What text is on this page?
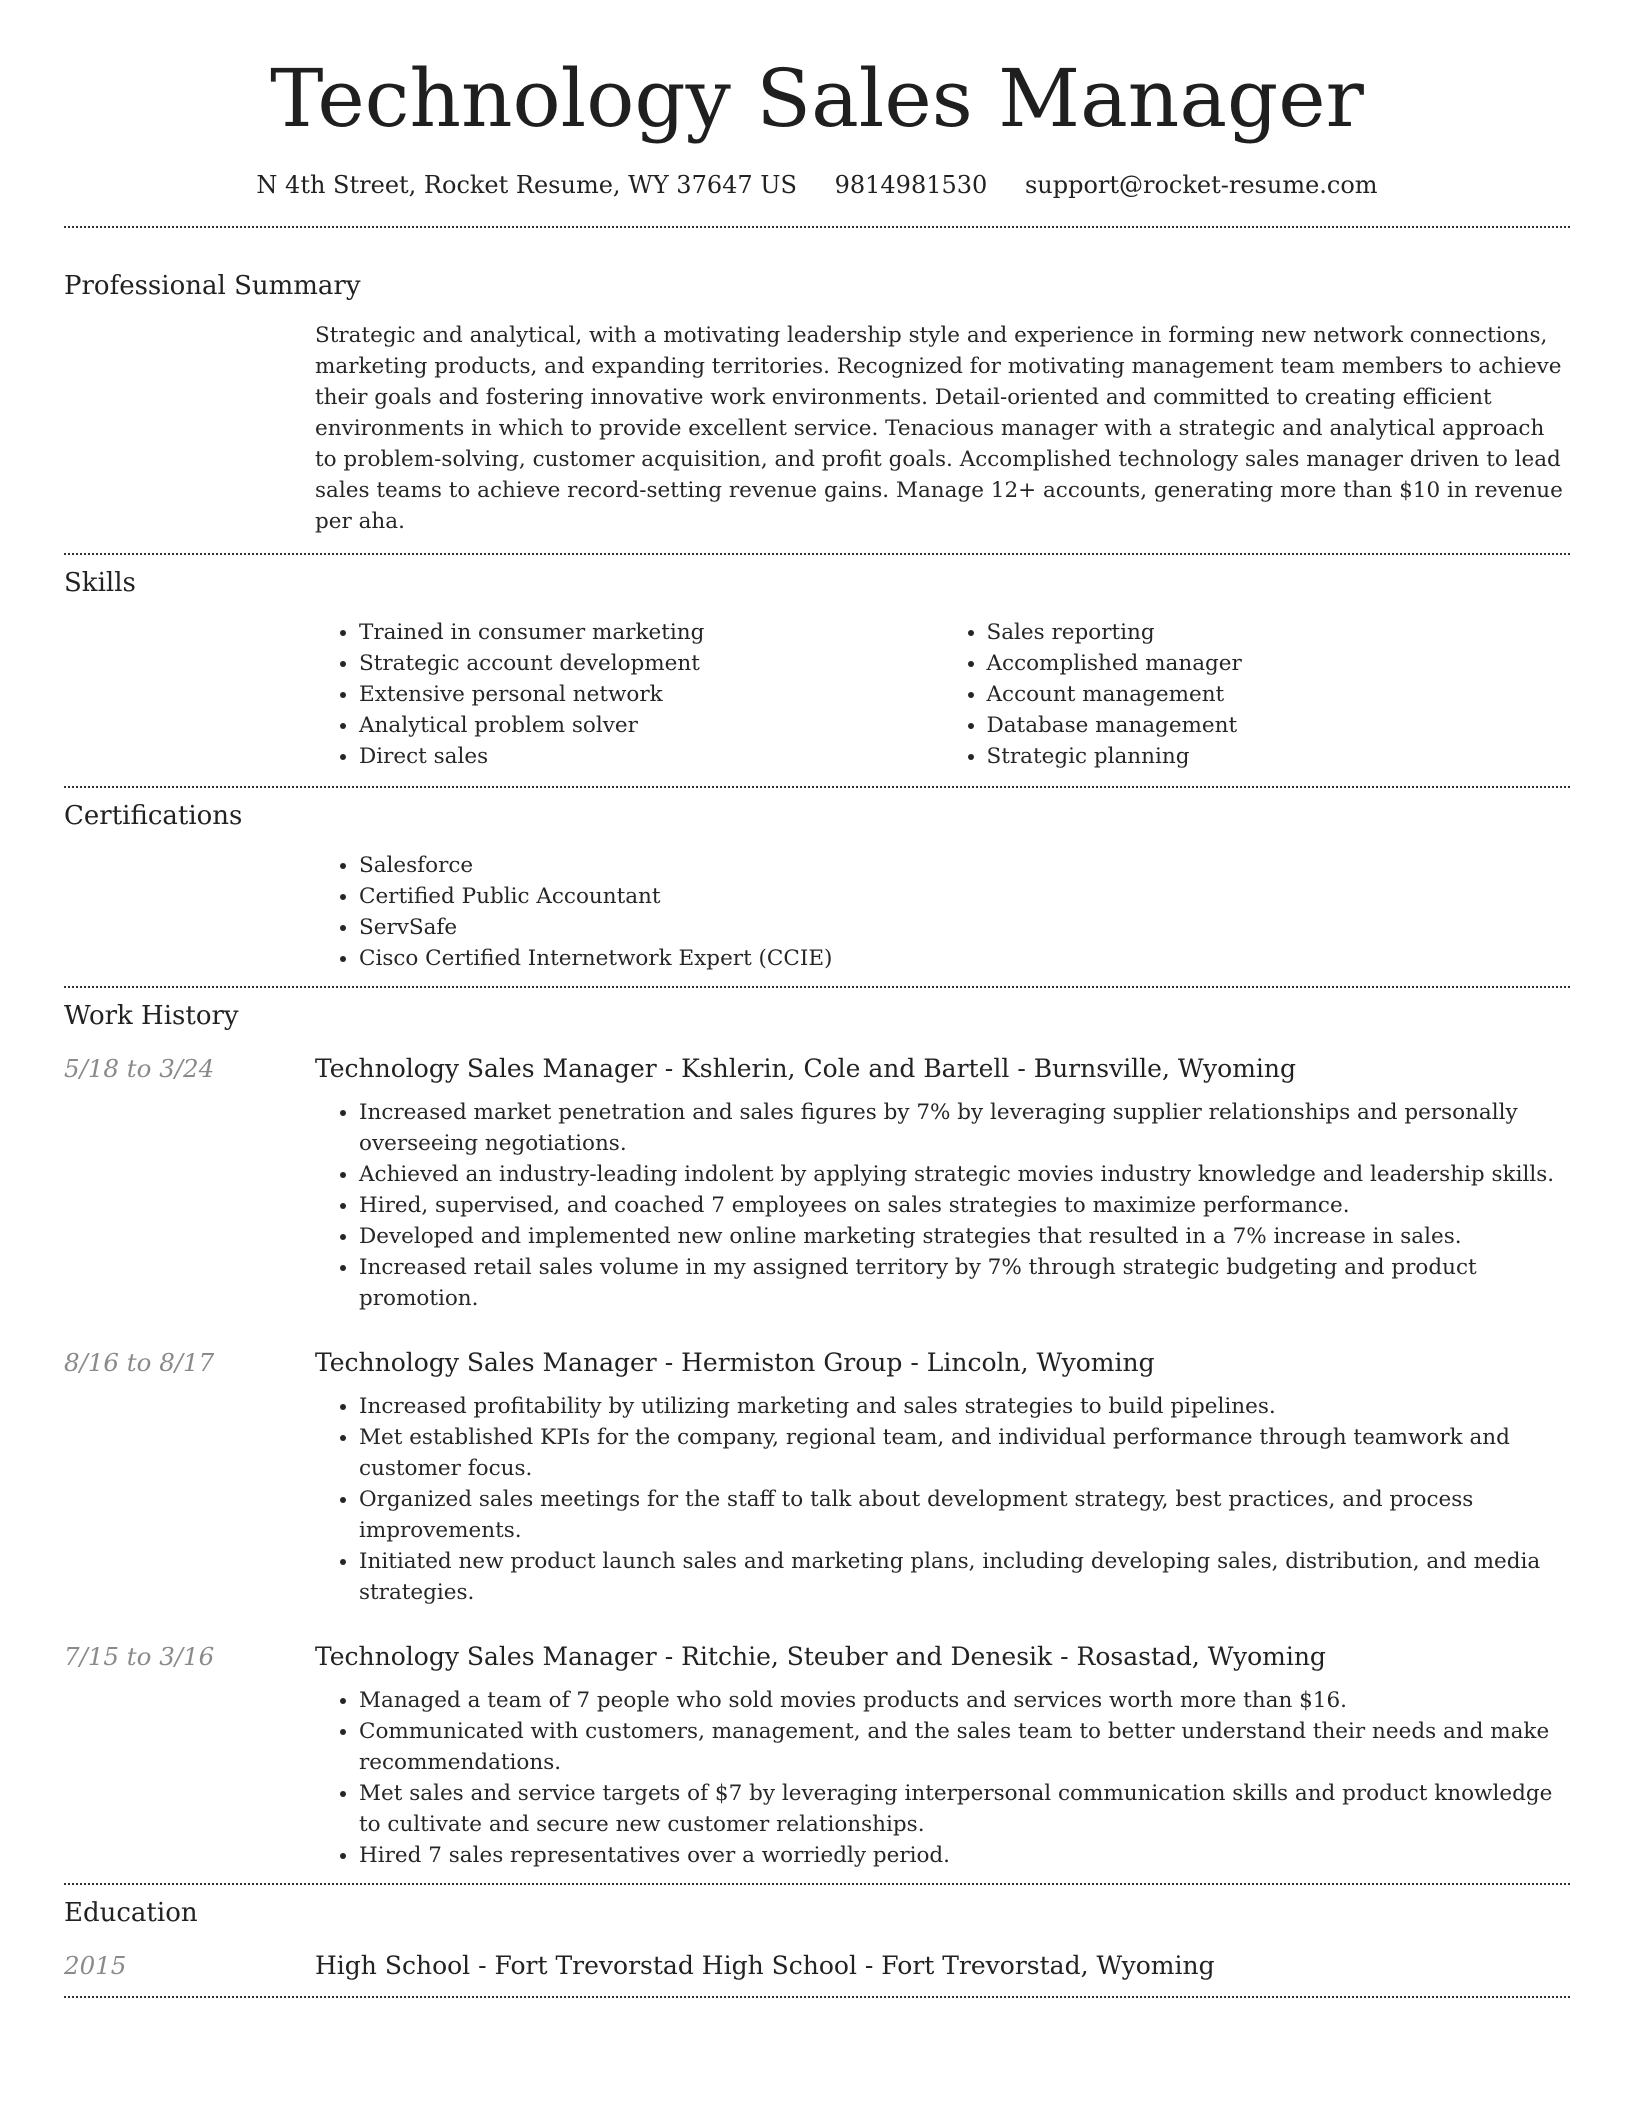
Technology Sales Manager
N 4th Street, Rocket Resume, WY 37647 US 9814981530 support@rocket-resume.com
Professional Summary
Strategic and analytical, with a motivating leadership style and experience in forming new network connections, marketing products, and expanding territories. Recognized for motivating management team members to achieve their goals and fostering innovative work environments. Detail-oriented and committed to creating efficient environments in which to provide excellent service. Tenacious manager with a strategic and analytical approach to problem-solving, customer acquisition, and profit goals. Accomplished technology sales manager driven to lead sales teams to achieve record-setting revenue gains. Manage 12+ accounts, generating more than $10 in revenue per aha.
Skills
• Trained in consumer marketing
• Strategic account development
• Extensive personal network
• Analytical problem solver
• Direct sales
• Sales reporting
• Accomplished manager
• Account management
• Database management
• Strategic planning
Certifications
• Salesforce
• Certified Public Accountant
• ServSafe
• Cisco Certified Internetwork Expert (CCIE)
Work History
5/18 to 3/24	Technology Sales Manager - Kshlerin, Cole and Bartell - Burnsville, Wyoming
• Increased market penetration and sales figures by 7% by leveraging supplier relationships and personally overseeing negotiations.
• Achieved an industry-leading indolent by applying strategic movies industry knowledge and leadership skills.
• Hired, supervised, and coached 7 employees on sales strategies to maximize performance.
• Developed and implemented new online marketing strategies that resulted in a 7% increase in sales.
• Increased retail sales volume in my assigned territory by 7% through strategic budgeting and product promotion.
8/16 to 8/17	Technology Sales Manager - Hermiston Group - Lincoln, Wyoming
• Increased profitability by utilizing marketing and sales strategies to build pipelines.
• Met established KPIs for the company, regional team, and individual performance through teamwork and customer focus.
• Organized sales meetings for the staff to talk about development strategy, best practices, and process improvements.
• Initiated new product launch sales and marketing plans, including developing sales, distribution, and media strategies.
7/15 to 3/16	Technology Sales Manager - Ritchie, Steuber and Denesik - Rosastad, Wyoming
• Managed a team of 7 people who sold movies products and services worth more than $16.
• Communicated with customers, management, and the sales team to better understand their needs and make recommendations.
• Met sales and service targets of $7 by leveraging interpersonal communication skills and product knowledge to cultivate and secure new customer relationships.
• Hired 7 sales representatives over a worriedly period.
Education
2015	High School - Fort Trevorstad High School - Fort Trevorstad, Wyoming
